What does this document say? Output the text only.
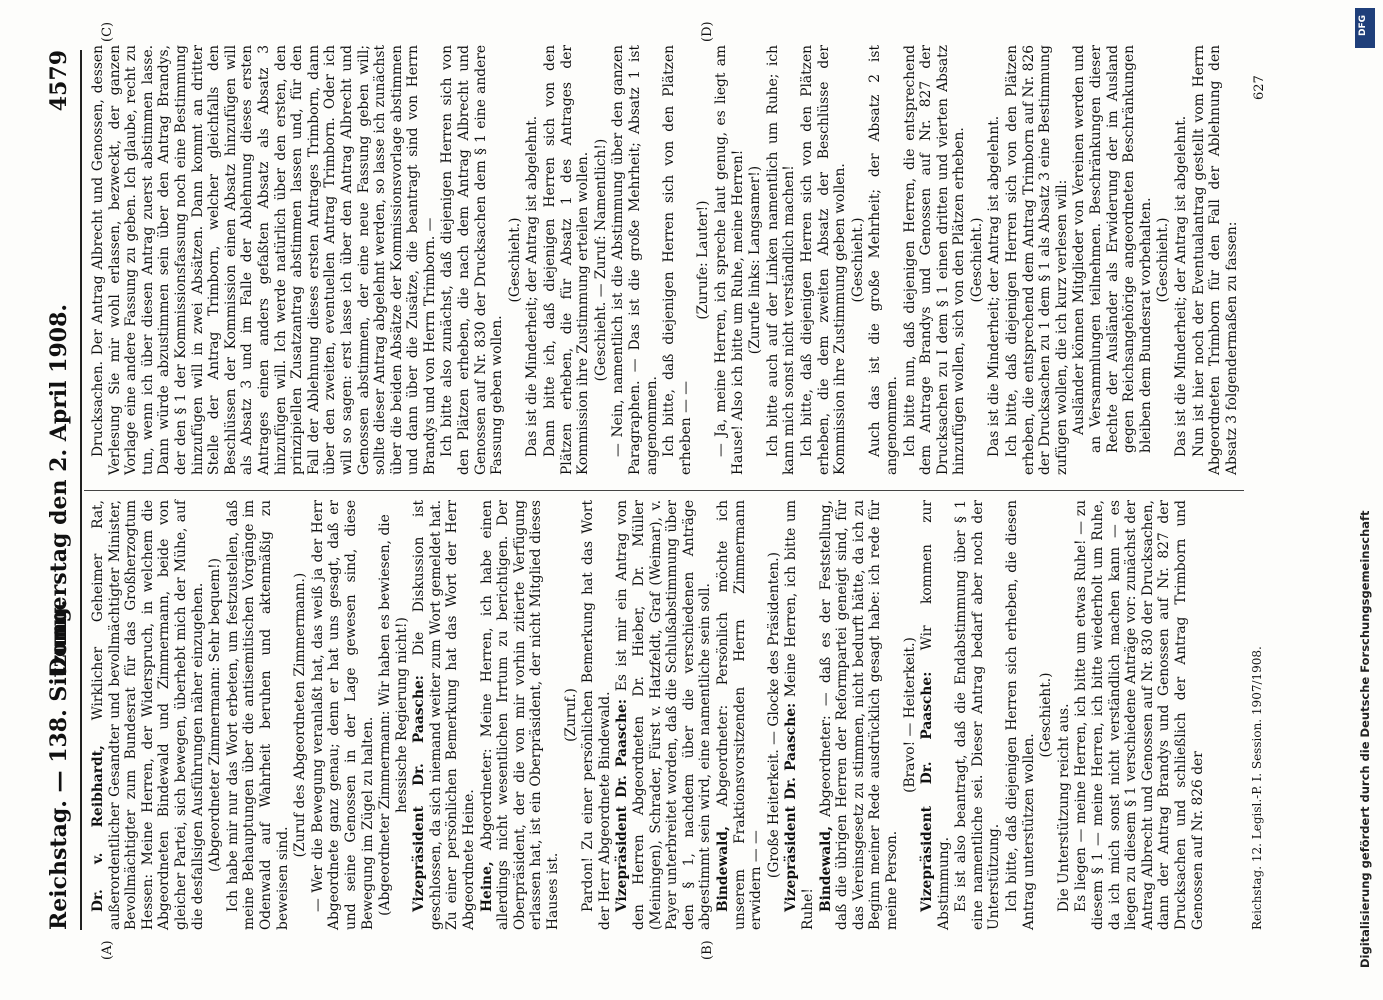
Reichstag. — 138. Sitzung.
Donnerstag den 2. April 1908.
4579
(A)	(B)
(C)	(D)

Dr. v. Reibhardt, Wirklicher Geheimer Rat, außerordentlicher Gesandter und bevollmächtigter Minister, Bevollmächtigter zum Bundesrat für das Großherzogtum Hessen: Meine Herren, der Widerspruch, in welchem die Abgeordneten Bindewald und Zimmermann, beide von gleicher Partei, sich bewegen, überhebt mich der Mühe, auf die desfallsigen Ausführungen näher einzugehen. (Abgeordneter Zimmermann: Sehr bequem!) Ich habe mir nur das Wort erbeten, um festzustellen, daß meine Behauptungen über die antisemitischen Vorgänge im Odenwald auf Wahrheit beruhen und aktenmäßig zu beweisen sind.

(Zuruf des Abgeordneten Zimmermann.) — Wer die Bewegung veranlaßt hat, das weiß ja der Herr Abgeordnete ganz genau; denn er hat uns gesagt, daß er und seine Genossen in der Lage gewesen sind, diese Bewegung im Zügel zu halten. (Abgeordneter Zimmermann: Wir haben es bewiesen, die hessische Regierung nicht!) Vizepräsident Dr. Paasche: Die Diskussion ist geschlossen, da sich niemand weiter zum Wort gemeldet hat. Zu einer persönlichen Bemerkung hat das Wort der Herr Abgeordnete Heine. Heine, Abgeordneter: Meine Herren, ich habe einen allerdings nicht wesentlichen Irrtum zu berichtigen. Der Oberpräsident, der die von mir vorhin zitierte Verfügung erlassen hat, ist ein Oberpräsident, der nicht Mitglied dieses Hauses ist.

(Zuruf.) Pardon! Zu einer persönlichen Bemerkung hat das Wort der Herr Abgeordnete Bindewald. Vizepräsident Dr. Paasche: Es ist mir ein Antrag von den Herren Abgeordneten Dr. Hieber, Dr. Müller (Meiningen), Schrader, Fürst v. Hatzfeldt, Graf (Weimar), v. Payer unterbreitet worden, daß die Schlußabstimmung über den § 1, nachdem über die verschiedenen Anträge abgestimmt sein wird, eine namentliche sein soll. Bindewald, Abgeordneter: Persönlich möchte ich unserem Fraktionsvorsitzenden Herrn Zimmermann erwidern — —

(Große Heiterkeit. — Glocke des Präsidenten.) Vizepräsident Dr. Paasche: Meine Herren, ich bitte um Ruhe! Bindewald, Abgeordneter: — daß es der Feststellung, daß die übrigen Herren der Reformpartei geneigt sind, für das Vereinsgesetz zu stimmen, nicht bedurft hätte, da ich zu Beginn meiner Rede ausdrücklich gesagt habe: ich rede für meine Person.

(Bravo! — Heiterkeit.) Vizepräsident Dr. Paasche: Wir kommen zur Abstimmung. Es ist also beantragt, daß die Endabstimmung über § 1 eine namentliche sei. Dieser Antrag bedarf aber noch der Unterstützung. Ich bitte, daß diejenigen Herren sich erheben, die diesen Antrag unterstützen wollen.

(Geschieht.) Die Unterstützung reicht aus. Es liegen — meine Herren, ich bitte um etwas Ruhe! — zu diesem § 1 — meine Herren, ich bitte wiederholt um Ruhe, da ich mich sonst nicht verständlich machen kann — es liegen zu diesem § 1 verschiedene Anträge vor: zunächst der Antrag Albrecht und Genossen auf Nr. 830 der Drucksachen, dann der Antrag Brandys und Genossen auf Nr. 827 der Drucksachen und schließlich der Antrag Trimborn und Genossen auf Nr. 826 der

Drucksachen. Der Antrag Albrecht und Genossen, dessen Verlesung Sie mir wohl erlassen, bezweckt, der ganzen Vorlage eine andere Fassung zu geben. Ich glaube, recht zu tun, wenn ich über diesen Antrag zuerst abstimmen lasse. Dann würde abzustimmen sein über den Antrag Brandys, der den § 1 der Kommissionsfassung noch eine Bestimmung hinzufügen will in zwei Absätzen. Dann kommt an dritter Stelle der Antrag Trimborn, welcher gleichfalls den Beschlüssen der Kommission einen Absatz hinzufügen will als Absatz 3 und im Falle der Ablehnung dieses ersten Antrages einen anders gefaßten Absatz als Absatz 3 hinzufügen will. Ich werde natürlich über den ersten, den prinzipiellen Zusatzantrag abstimmen lassen und, für den Fall der Ablehnung dieses ersten Antrages Trimborn, dann über den zweiten, eventuellen Antrag Trimborn. Oder ich will so sagen: erst lasse ich über den Antrag Albrecht und Genossen abstimmen, der eine neue Fassung geben will; sollte dieser Antrag abgelehnt werden, so lasse ich zunächst über die beiden Absätze der Kommissionsvorlage abstimmen und dann über die Zusätze, die beantragt sind von Herrn Brandys und von Herrn Trimborn. — Ich bitte also zunächst, daß diejenigen Herren sich von den Plätzen erheben, die nach dem Antrag Albrecht und Genossen auf Nr. 830 der Drucksachen dem § 1 eine andere Fassung geben wollen.

(Geschieht.) Das ist die Minderheit; der Antrag ist abgelehnt. Dann bitte ich, daß diejenigen Herren sich von den Plätzen erheben, die für Absatz 1 des Antrages der Kommission ihre Zustimmung erteilen wollen. (Geschieht. — Zuruf: Namentlich!) — Nein, namentlich ist die Abstimmung über den ganzen Paragraphen. — Das ist die große Mehrheit; Absatz 1 ist angenommen. Ich bitte, daß diejenigen Herren sich von den Plätzen erheben — —

(Zurufe: Lauter!) — Ja, meine Herren, ich spreche laut genug, es liegt am Hause! Also ich bitte um Ruhe, meine Herren! (Zurufe links: Langsamer!) Ich bitte auch auf der Linken namentlich um Ruhe; ich kann mich sonst nicht verständlich machen! Ich bitte, daß diejenigen Herren sich von den Plätzen erheben, die dem zweiten Absatz der Beschlüsse der Kommission ihre Zustimmung geben wollen. (Geschieht.) Auch das ist die große Mehrheit; der Absatz 2 ist angenommen. Ich bitte nun, daß diejenigen Herren, die entsprechend dem Antrage Brandys und Genossen auf Nr. 827 der Drucksachen zu I dem § 1 einen dritten und vierten Absatz hinzufügen wollen, sich von den Plätzen erheben. (Geschieht.) Das ist die Minderheit; der Antrag ist abgelehnt. Ich bitte, daß diejenigen Herren sich von den Plätzen erheben, die entsprechend dem Antrag Trimborn auf Nr. 826 der Drucksachen zu 1 dem § 1 als Absatz 3 eine Bestimmung zufügen wollen, die ich kurz verlesen will: Ausländer können Mitglieder von Vereinen werden und an Versammlungen teilnehmen. Beschränkungen dieser Rechte der Ausländer als Erwiderung der im Ausland gegen Reichsangehörige angeordneten Beschränkungen bleiben dem Bundesrat vorbehalten. (Geschieht.) Das ist die Minderheit; der Antrag ist abgelehnt. Nun ist hier noch der Eventualantrag gestellt vom Herrn Abgeordneten Trimborn für den Fall der Ablehnung den Absatz 3 folgendermaßen zu fassen:

Reichstag. 12. Legisl.-P. I. Session. 1907/1908.
627
Digitalisierung gefördert durch die Deutsche Forschungsgemeinschaft
DFG
